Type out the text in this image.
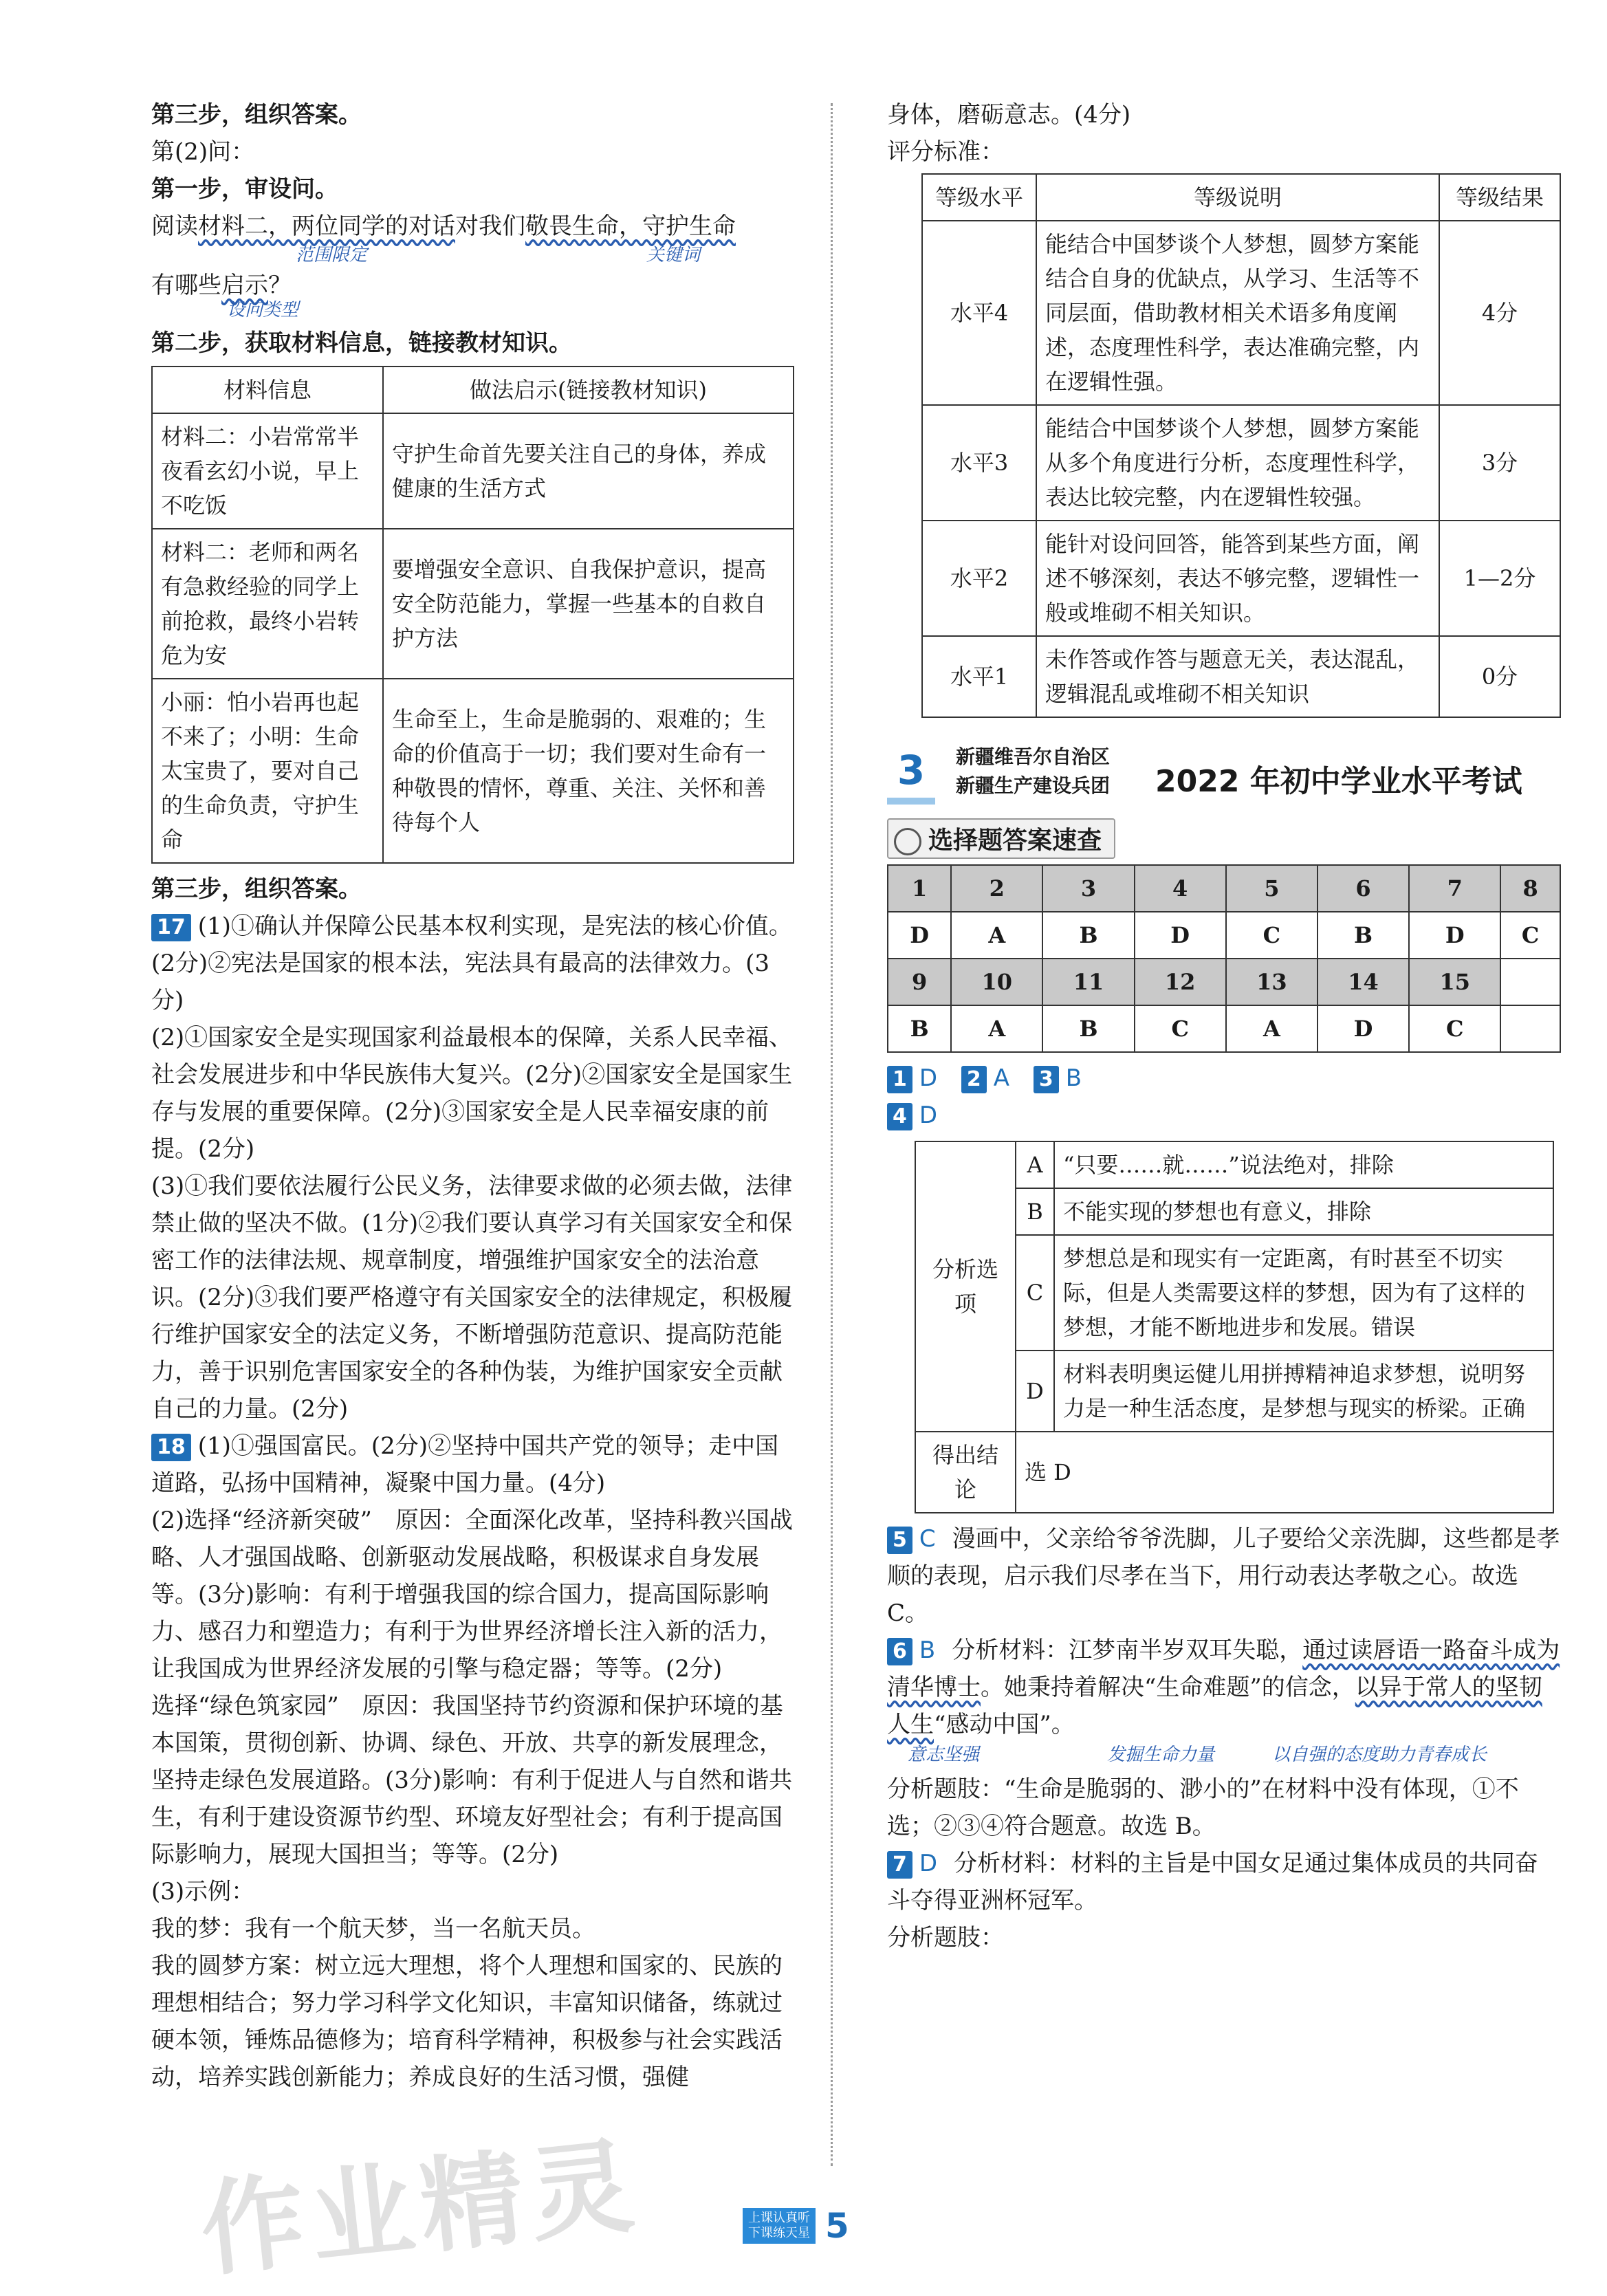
第三步，组织答案。

第(2)问：

第一步，审设问。

阅读材料二，两位同学的对话对我们敬畏生命，守护生命

范围限定	关键词

有哪些启示？

设问类型

第二步，获取材料信息，链接教材知识。

材料信息	做法启示(链接教材知识)
材料二：小岩常常半夜看玄幻小说，早上不吃饭	守护生命首先要关注自己的身体，养成健康的生活方式
材料二：老师和两名有急救经验的同学上前抢救，最终小岩转危为安	要增强安全意识、自我保护意识，提高安全防范能力，掌握一些基本的自救自护方法
小丽：怕小岩再也起不来了；小明：生命太宝贵了，要对自己的生命负责，守护生命	生命至上，生命是脆弱的、艰难的；生命的价值高于一切；我们要对生命有一种敬畏的情怀，尊重、关注、关怀和善待每个人

第三步，组织答案。

17 (1)①确认并保障公民基本权利实现，是宪法的核心价值。(2分)②宪法是国家的根本法，宪法具有最高的法律效力。(3分)

(2)①国家安全是实现国家利益最根本的保障，关系人民幸福、社会发展进步和中华民族伟大复兴。(2分)②国家安全是国家生存与发展的重要保障。(2分)③国家安全是人民幸福安康的前提。(2分)

(3)①我们要依法履行公民义务，法律要求做的必须去做，法律禁止做的坚决不做。(1分)②我们要认真学习有关国家安全和保密工作的法律法规、规章制度，增强维护国家安全的法治意识。(2分)③我们要严格遵守有关国家安全的法律规定，积极履行维护国家安全的法定义务，不断增强防范意识、提高防范能力，善于识别危害国家安全的各种伪装，为维护国家安全贡献自己的力量。(2分)

18 (1)①强国富民。(2分)②坚持中国共产党的领导；走中国道路，弘扬中国精神，凝聚中国力量。(4分)

(2)选择“经济新突破”　原因：全面深化改革，坚持科教兴国战略、人才强国战略、创新驱动发展战略，积极谋求自身发展等。(3分)影响：有利于增强我国的综合国力，提高国际影响力、感召力和塑造力；有利于为世界经济增长注入新的活力，让我国成为世界经济发展的引擎与稳定器；等等。(2分)

选择“绿色筑家园”　原因：我国坚持节约资源和保护环境的基本国策，贯彻创新、协调、绿色、开放、共享的新发展理念，坚持走绿色发展道路。(3分)影响：有利于促进人与自然和谐共生，有利于建设资源节约型、环境友好型社会；有利于提高国际影响力，展现大国担当；等等。(2分)

(3)示例：

我的梦：我有一个航天梦，当一名航天员。

我的圆梦方案：树立远大理想，将个人理想和国家的、民族的理想相结合；努力学习科学文化知识，丰富知识储备，练就过硬本领，锤炼品德修为；培育科学精神，积极参与社会实践活动，培养实践创新能力；养成良好的生活习惯，强健

身体，磨砺意志。(4分)

评分标准：

等级水平	等级说明	等级结果
水平4	能结合中国梦谈个人梦想，圆梦方案能结合自身的优缺点，从学习、生活等不同层面，借助教材相关术语多角度阐述，态度理性科学，表达准确完整，内在逻辑性强。	4分
水平3	能结合中国梦谈个人梦想，圆梦方案能从多个角度进行分析，态度理性科学，表达比较完整，内在逻辑性较强。	3分
水平2	能针对设问回答，能答到某些方面，阐述不够深刻，表达不够完整，逻辑性一般或堆砌不相关知识。	1—2分
水平1	未作答或作答与题意无关，表达混乱，逻辑混乱或堆砌不相关知识	0分
3	新疆维吾尔自治区
新疆生产建设兵团 2022 年初中学业水平考试
选择题答案速查
1	2	3	4	5	6	7	8
D	A	B	D	C	B	D	C
9	10	11	12	13	14	15	
B	A	B	C	A	D	C	

1 D 2 A 3 B

4 D

分析选项	A	“只要……就……”说法绝对，排除
	B	不能实现的梦想也有意义，排除
	C	梦想总是和现实有一定距离，有时甚至不切实际，但是人类需要这样的梦想，因为有了这样的梦想，才能不断地进步和发展。错误
	D	材料表明奥运健儿用拼搏精神追求梦想，说明努力是一种生活态度，是梦想与现实的桥梁。正确
得出结论	选 D	

5 C 漫画中，父亲给爷爷洗脚，儿子要给父亲洗脚，这些都是孝顺的表现，启示我们尽孝在当下，用行动表达孝敬之心。故选 C。

6 B 分析材料：江梦南半岁双耳失聪，通过读唇语一路奋斗成为清华博士。她秉持着解决“生命难题”的信念，以异于常人的坚韧人生“感动中国”。

意志坚强	发掘生命力量	以自强的态度助力青春成长

分析题肢：“生命是脆弱的、渺小的”在材料中没有体现，①不选；②③④符合题意。故选 B。

7 D 分析材料：材料的主旨是中国女足通过集体成员的共同奋斗夺得亚洲杯冠军。

分析题肢：

作业精灵	上课认真听
下课练天星 5
